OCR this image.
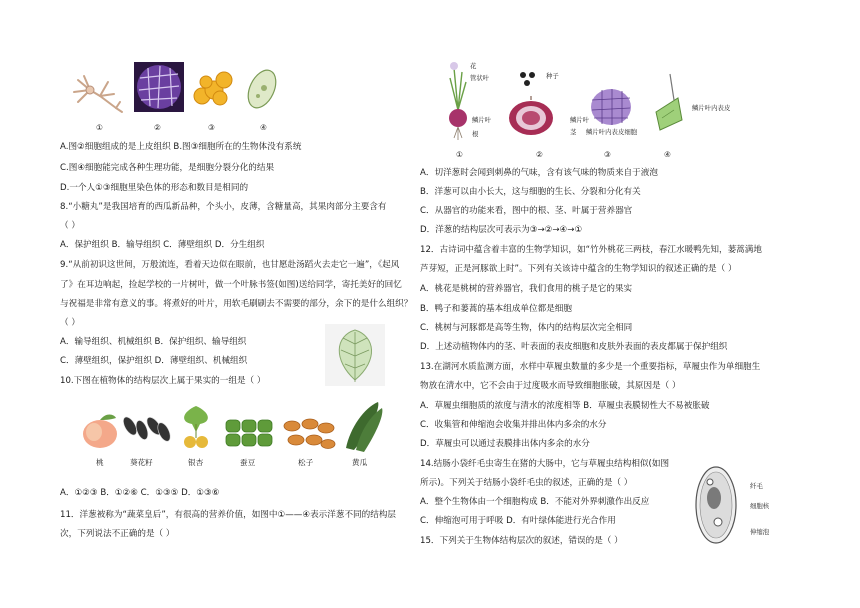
①	②	③	④
A.图②细胞组成的是上皮组织 B.图③细胞所在的生物体没有系统
C.图④细胞能完成各种生理功能，是细胞分裂分化的结果
D.一个人①③细胞里染色体的形态和数目是相同的
8.“小糖丸”是我国培育的西瓜新品种，个头小，皮薄，含糖量高，其果肉部分主要含有
（ ）
A．保护组织 B．输导组织 C．薄壁组织 D．分生组织
9.“从前初识这世间，万般流连，看着天边似在眼前，也甘愿赴汤蹈火去走它一遍”，《起风
了》在耳边响起，捡起学校的一片树叶，做一个叶脉书签(如图)送给同学，寄托美好的回忆
与祝福是非常有意义的事。将煮好的叶片，用软毛刷刷去不需要的部分，余下的是什么组织？
（ ）
A．输导组织、机械组织 B．保护组织、输导组织
C．薄壁组织，保护组织 D．薄壁组织、机械组织
10.下图在植物体的结构层次上属于果实的一组是（ ）
桃	葵花籽	银杏	蚕豆	松子	黄瓜
A．①②③ B．①②⑥ C．①③⑤ D．①③⑥
11．洋葱被称为“蔬菜皇后”，有很高的营养价值，如图中①——④表示洋葱不同的结构层
次，下列说法不正确的是（ ）
花
管状叶
鳞片叶
根
种子
鳞片叶
茎 鳞片叶内表皮细胞
鳞片叶内表皮
①	②	③	④
A．切洋葱时会闻到刺鼻的气味，含有该气味的物质来自于液泡
B．洋葱可以由小长大，这与细胞的生长、分裂和分化有关
C．从器官的功能来看，图中的根、茎、叶属于营养器官
D．洋葱的结构层次可表示为③→②→④→①
12．古诗词中蕴含着丰富的生物学知识，如“竹外桃花三两枝，春江水暖鸭先知，蒌蒿满地
芦芽短，正是河豚欲上时”。下列有关该诗中蕴含的生物学知识的叙述正确的是（ ）
A．桃花是桃树的营养器官，我们食用的桃子是它的果实
B．鸭子和蒌蒿的基本组成单位都是细胞
C．桃树与河豚都是高等生物，体内的结构层次完全相同
D．上述动植物体内的茎、叶表面的表皮细胞和皮肤外表面的表皮都属于保护组织
13.在湖河水质监测方面，水样中草履虫数量的多少是一个重要指标，草履虫作为单细胞生
物放在清水中，它不会由于过度吸水而导致细胞胀破，其原因是（ ）
A．草履虫细胞质的浓度与清水的浓度相等 B．草履虫表膜韧性大不易被胀破
C．收集管和伸缩泡会收集并排出体内多余的水分
D．草履虫可以通过表膜排出体内多余的水分
14.结肠小袋纤毛虫寄生在猪的大肠中，它与草履虫结构相似(如图
所示)。下列关于结肠小袋纤毛虫的叙述，正确的是（ ）
A．整个生物体由一个细胞构成 B．不能对外界刺激作出反应
C．伸缩泡可用于呼吸 D．有叶绿体能进行光合作用
纤毛
细胞核
伸缩泡
15．下列关于生物体结构层次的叙述，错误的是（ ）
